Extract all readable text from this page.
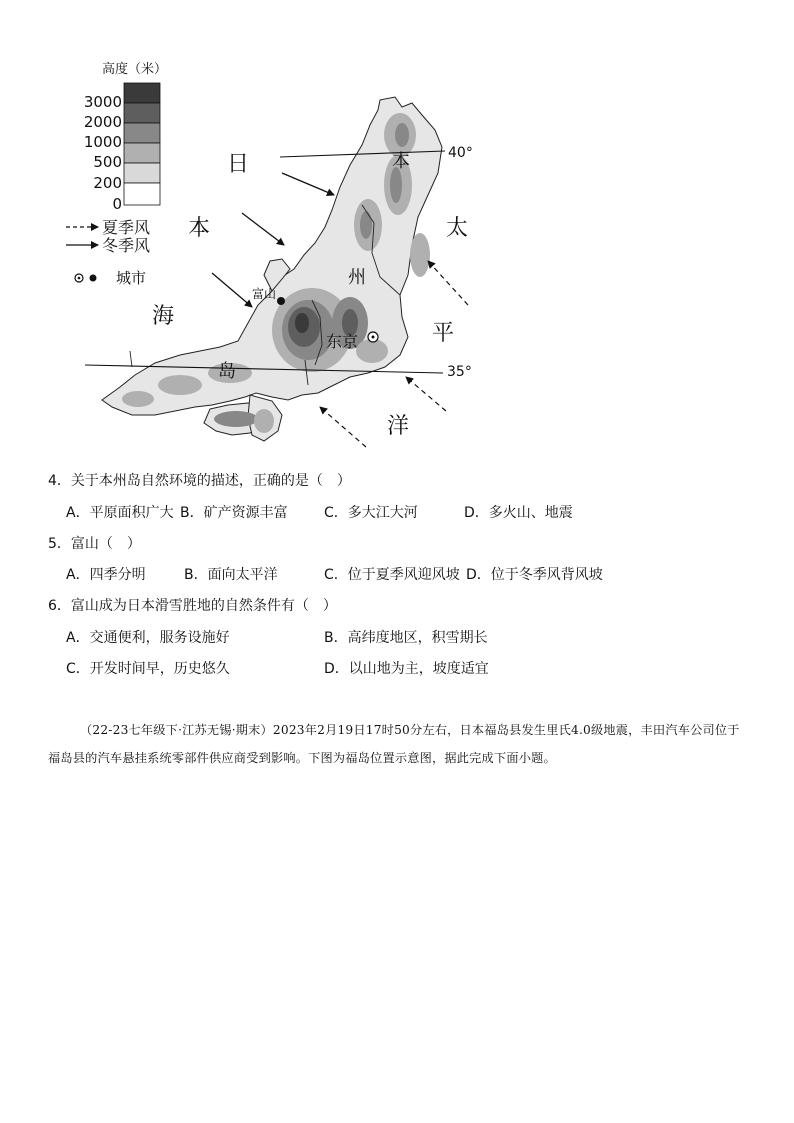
高度（米）
3000
2000
1000
500
200
0
夏季风
冬季风
城市
40°
35°
日
本
海
太
平
洋
本
州
岛
富山
东京
4．关于本州岛自然环境的描述，正确的是（　）
A．平原面积广大 B．矿产资源丰富	C．多大江大河	D．多火山、地震
5．富山（　）
A．四季分明	B．面向太平洋	C．位于夏季风迎风坡 D．位于冬季风背风坡
6．富山成为日本滑雪胜地的自然条件有（　）
A．交通便利，服务设施好	B．高纬度地区，积雪期长
C．开发时间早，历史悠久	D．以山地为主，坡度适宜
（22-23七年级下·江苏无锡·期末）2023年2月19日17时50分左右，日本福岛县发生里氏4.0级地震，丰田汽车公司位于福岛县的汽车悬挂系统零部件供应商受到影响。下图为福岛位置示意图，据此完成下面小题。
